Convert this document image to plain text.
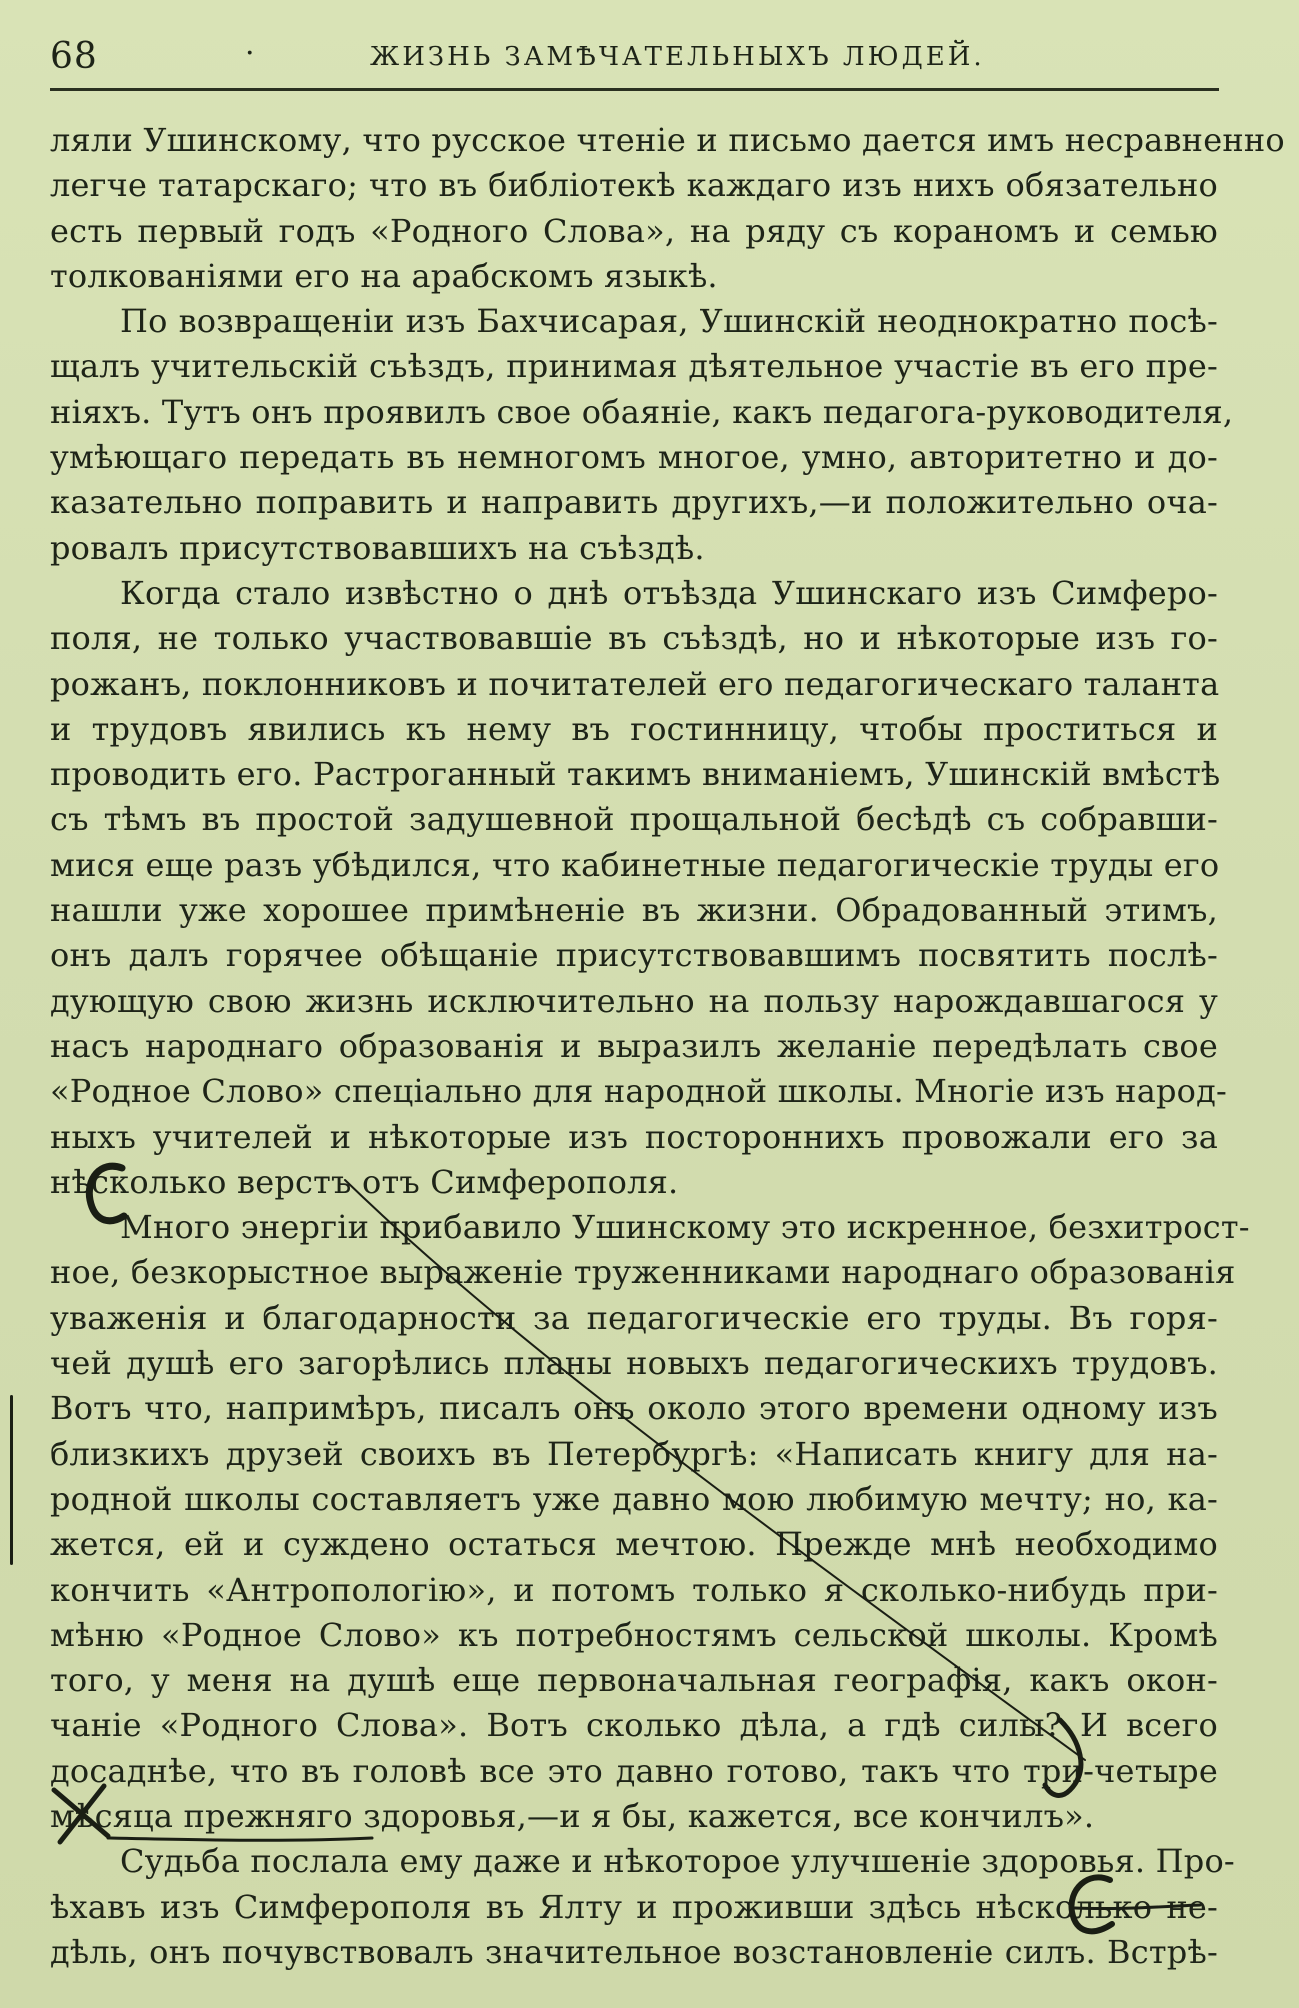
68	·	ЖИЗНЬ ЗАМѢЧАТЕЛЬНЫХЪ ЛЮДЕЙ.
ляли Ушинскому, что русское чтеніе и письмо дается имъ несравненно
легче татарскаго; что въ библіотекѣ каждаго изъ нихъ обязательно
есть первый годъ «Родного Слова», на ряду съ кораномъ и семью
толкованіями его на арабскомъ языкѣ.
По возвращеніи изъ Бахчисарая, Ушинскій неоднократно посѣ-
щалъ учительскій съѣздъ, принимая дѣятельное участіе въ его пре-
ніяхъ. Тутъ онъ проявилъ свое обаяніе, какъ педагога-руководителя,
умѣющаго передать въ немногомъ многое, умно, авторитетно и до-
казательно поправить и направить другихъ,—и положительно оча-
ровалъ присутствовавшихъ на съѣздѣ.
Когда стало извѣстно о днѣ отъѣзда Ушинскаго изъ Симферо-
поля, не только участвовавшіе въ съѣздѣ, но и нѣкоторые изъ го-
рожанъ, поклонниковъ и почитателей его педагогическаго таланта
и трудовъ явились къ нему въ гостинницу, чтобы проститься и
проводить его. Растроганный такимъ вниманіемъ, Ушинскій вмѣстѣ
съ тѣмъ въ простой задушевной прощальной бесѣдѣ съ собравши-
мися еще разъ убѣдился, что кабинетные педагогическіе труды его
нашли уже хорошее примѣненіе въ жизни. Обрадованный этимъ,
онъ далъ горячее обѣщаніе присутствовавшимъ посвятить послѣ-
дующую свою жизнь исключительно на пользу нарождавшагося у
насъ народнаго образованія и выразилъ желаніе передѣлать свое
«Родное Слово» спеціально для народной школы. Многіе изъ народ-
ныхъ учителей и нѣкоторые изъ постороннихъ провожали его за
нѣсколько верстъ отъ Симферополя.
Много энергіи прибавило Ушинскому это искренное, безхитрост-
ное, безкорыстное выраженіе труженниками народнаго образованія
уваженія и благодарности за педагогическіе его труды. Въ горя-
чей душѣ его загорѣлись планы новыхъ педагогическихъ трудовъ.
Вотъ что, напримѣръ, писалъ онъ около этого времени одному изъ
близкихъ друзей своихъ въ Петербургѣ: «Написать книгу для на-
родной школы составляетъ уже давно мою любимую мечту; но, ка-
жется, ей и суждено остаться мечтою. Прежде мнѣ необходимо
кончить «Антропологію», и потомъ только я сколько-нибудь при-
мѣню «Родное Слово» къ потребностямъ сельской школы. Кромѣ
того, у меня на душѣ еще первоначальная географія, какъ окон-
чаніе «Родного Слова». Вотъ сколько дѣла, а гдѣ силы? И всего
досаднѣе, что въ головѣ все это давно готово, такъ что три-четыре
мѣсяца прежняго здоровья,—и я бы, кажется, все кончилъ».
Судьба послала ему даже и нѣкоторое улучшеніе здоровья. Про-
ѣхавъ изъ Симферополя въ Ялту и проживши здѣсь нѣсколько не-
дѣль, онъ почувствовалъ значительное возстановленіе силъ. Встрѣ-
